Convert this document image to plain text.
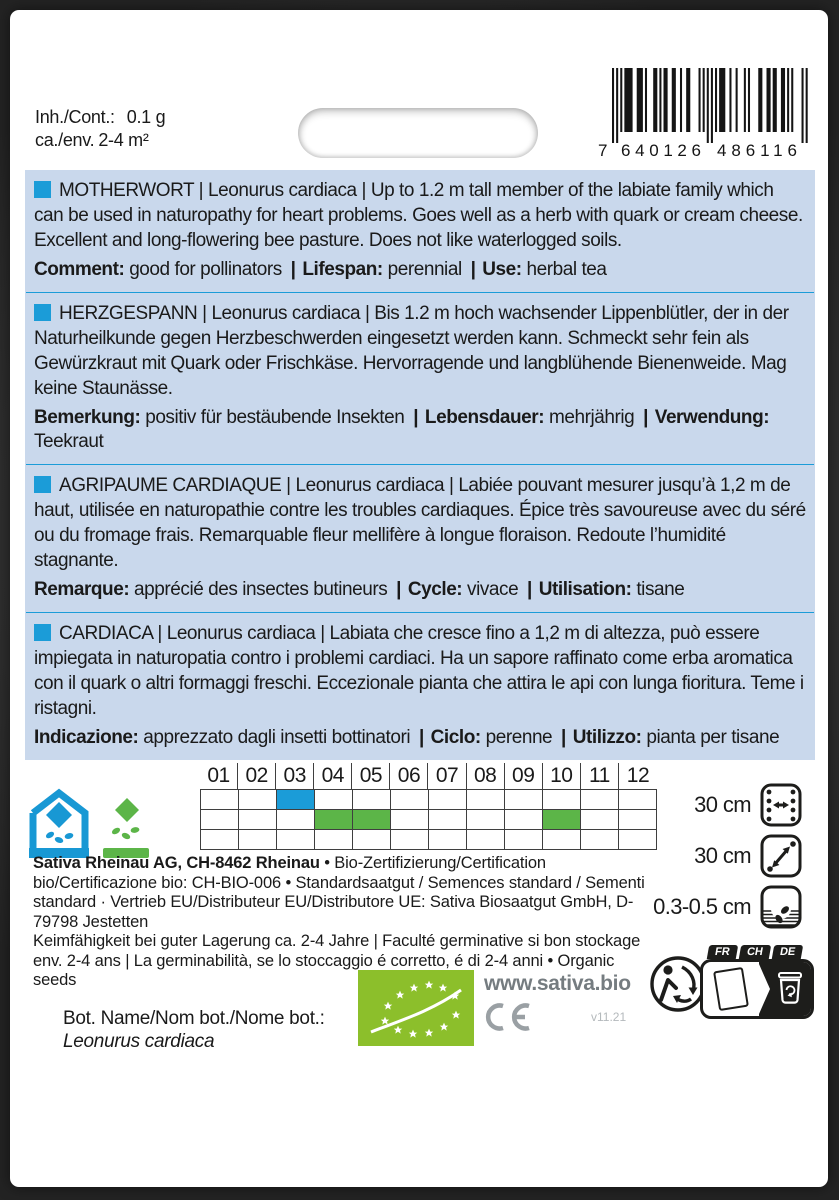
Inh./Cont.: 0.1 g
ca./env. 2-4 m²
7 640126 486116

MOTHERWORT | Leonurus cardiaca | Up to 1.2 m tall member of the labiate family which can be used in naturopathy for heart problems. Goes well as a herb with quark or cream cheese. Excellent and long-flowering bee pasture. Does not like waterlogged soils.

Comment: good for pollinators | Lifespan: perennial | Use: herbal tea

HERZGESPANN | Leonurus cardiaca | Bis 1.2 m hoch wachsender Lippenblütler, der in der Naturheilkunde gegen Herzbeschwerden eingesetzt werden kann. Schmeckt sehr fein als Gewürzkraut mit Quark oder Frischkäse. Hervorragende und langblühende Bienenweide. Mag keine Staunässe.

Bemerkung: positiv für bestäubende Insekten | Lebensdauer: mehrjährig | Verwendung: Teekraut

AGRIPAUME CARDIAQUE | Leonurus cardiaca | Labiée pouvant mesurer jusqu’à 1,2 m de haut, utilisée en naturopathie contre les troubles cardiaques. Épice très savoureuse avec du séré ou du fromage frais. Remarquable fleur mellifère à longue floraison. Redoute l’humidité stagnante.

Remarque: apprécié des insectes butineurs | Cycle: vivace | Utilisation: tisane

CARDIACA | Leonurus cardiaca | Labiata che cresce fino a 1,2 m di altezza, può essere impiegata in naturopatia contro i problemi cardiaci. Ha un sapore raffinato come erba aromatica con il quark o altri formaggi freschi. Eccezionale pianta che attira le api con lunga fioritura. Teme i ristagni.

Indicazione: apprezzato dagli insetti bottinatori | Ciclo: perenne | Utilizzo: pianta per tisane

01 02 03 04 05 06 07 08 09 10 11 12
30 cm
30 cm
0.3-0.5 cm

Sativa Rheinau AG, CH-8462 Rheinau • Bio-Zertifizierung/Certification bio/Certificazione bio: CH-BIO-006 • Standardsaatgut / Semences standard / Sementi standard · Vertrieb EU/Distributeur EU/Distributore UE: Sativa Biosaatgut GmbH, D-79798 Jestetten

Keimfähigkeit bei guter Lagerung ca. 2-4 Jahre | Faculté germinative si bon stockage env. 2-4 ans | La germinabilità, se lo stoccaggio é corretto, é di 2-4 anni • Organic seeds

FR	CH	DE
www.sativa.bio
v11.21
Bot. Name/Nom bot./Nome bot.:
Leonurus cardiaca
